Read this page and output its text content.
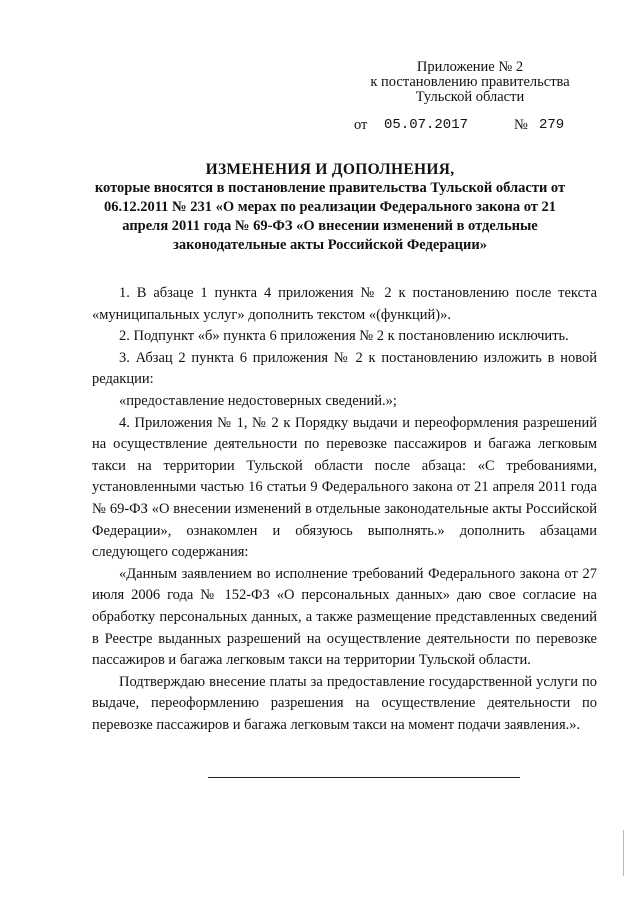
Приложение № 2
к постановлению правительства
Тульской области
от 05.07.2017	№ 279
ИЗМЕНЕНИЯ И ДОПОЛНЕНИЯ,
которые вносятся в постановление правительства Тульской области от 06.12.2011 № 231 «О мерах по реализации Федерального закона от 21 апреля 2011 года № 69-ФЗ «О внесении изменений в отдельные законодательные акты Российской Федерации»

1. В абзаце 1 пункта 4 приложения № 2 к постановлению после текста «муниципальных услуг» дополнить текстом «(функций)».

2. Подпункт «б» пункта 6 приложения № 2 к постановлению исключить.

3. Абзац 2 пункта 6 приложения № 2 к постановлению изложить в новой редакции:

«предоставление недостоверных сведений.»;

4. Приложения № 1, № 2 к Порядку выдачи и переоформления разрешений на осуществление деятельности по перевозке пассажиров и багажа легковым такси на территории Тульской области после абзаца: «С требованиями, установленными частью 16 статьи 9 Федерального закона от 21 апреля 2011 года № 69-ФЗ «О внесении изменений в отдельные законодательные акты Российской Федерации», ознакомлен и обязуюсь выполнять.» дополнить абзацами следующего содержания:

«Данным заявлением во исполнение требований Федерального закона от 27 июля 2006 года № 152-ФЗ «О персональных данных» даю свое согласие на обработку персональных данных, а также размещение представленных сведений в Реестре выданных разрешений на осуществление деятельности по перевозке пассажиров и багажа легковым такси на территории Тульской области.

Подтверждаю внесение платы за предоставление государственной услуги по выдаче, переоформлению разрешения на осуществление деятельности по перевозке пассажиров и багажа легковым такси на момент подачи заявления.».
